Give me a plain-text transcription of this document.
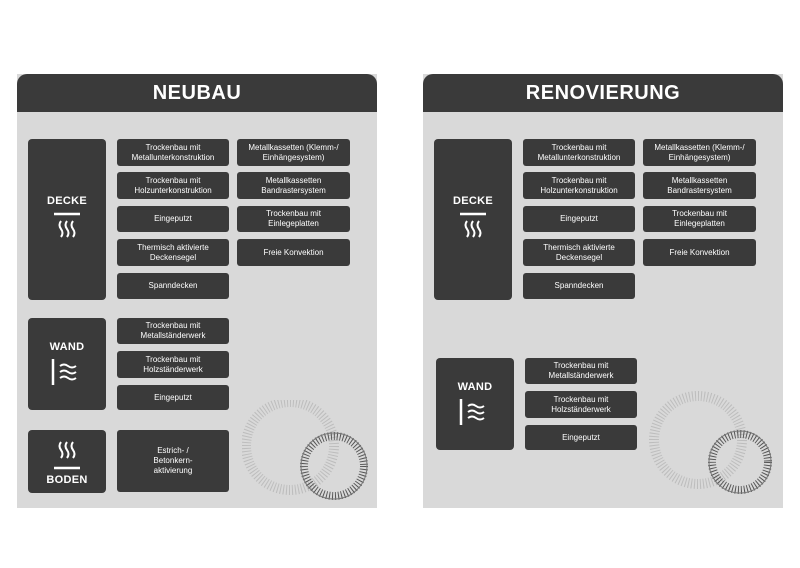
NEUBAU
DECKE
Trockenbau mit
Metallunterkonstruktion
Metallkassetten (Klemm-/
Einhängesystem)
Trockenbau mit
Holzunterkonstruktion
Metallkassetten
Bandrastersystem
Eingeputzt
Trockenbau mit
Einlegeplatten
Thermisch aktivierte
Deckensegel
Freie Konvektion
Spanndecken
WAND
Trockenbau mit
Metallständerwerk
Trockenbau mit
Holzständerwerk
Eingeputzt
BODEN
Estrich- /
Betonkern-
aktivierung
RENOVIERUNG
DECKE
Trockenbau mit
Metallunterkonstruktion
Metallkassetten (Klemm-/
Einhängesystem)
Trockenbau mit
Holzunterkonstruktion
Metallkassetten
Bandrastersystem
Eingeputzt
Trockenbau mit
Einlegeplatten
Thermisch aktivierte
Deckensegel
Freie Konvektion
Spanndecken
WAND
Trockenbau mit
Metallständerwerk
Trockenbau mit
Holzständerwerk
Eingeputzt
